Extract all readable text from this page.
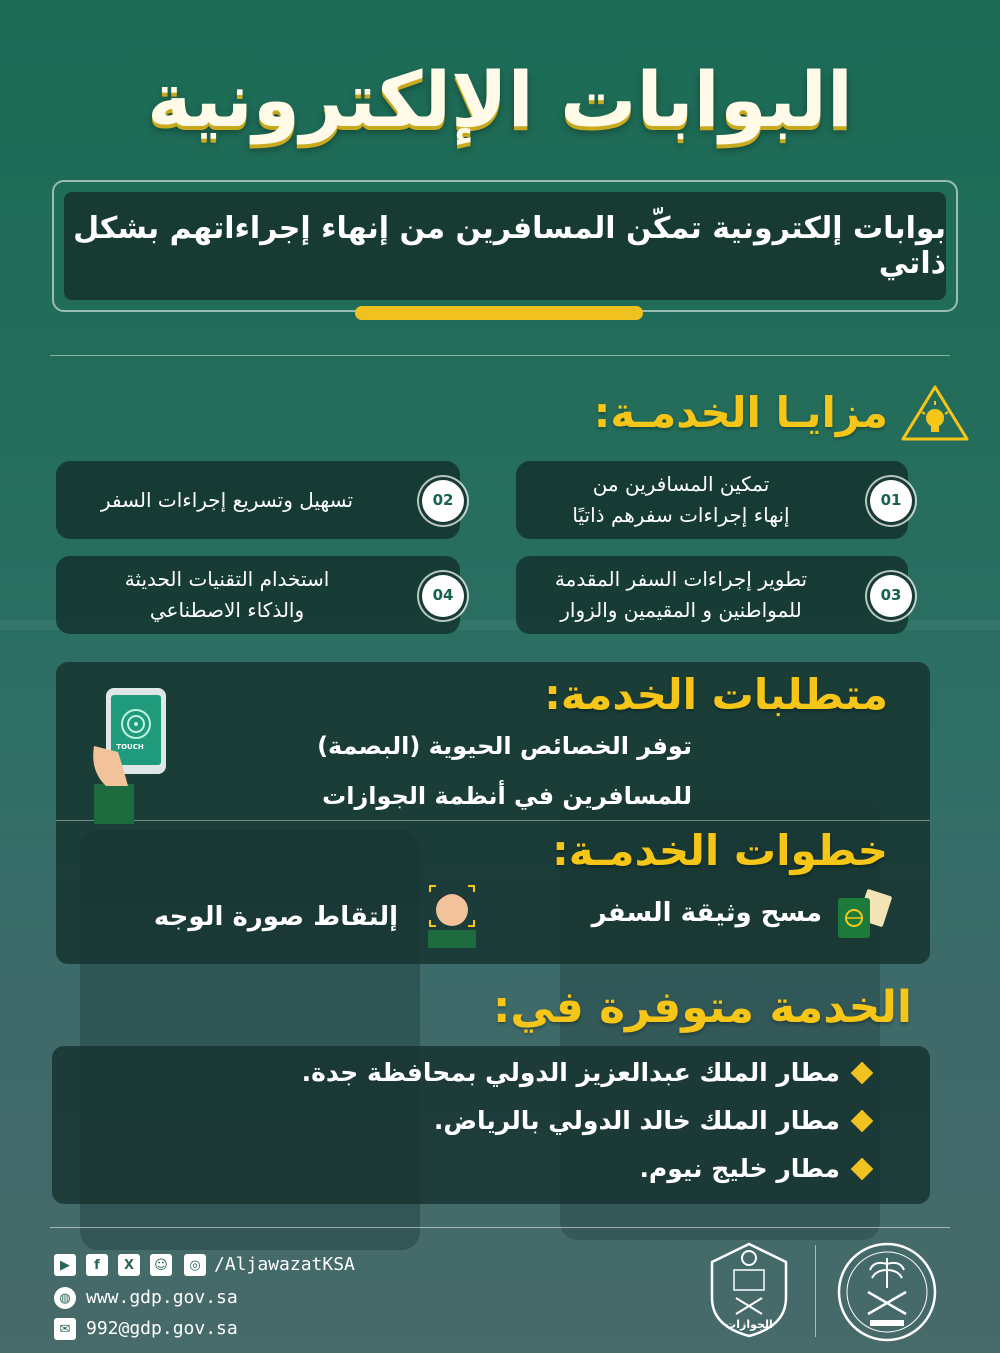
البوابات الإلكترونية
بوابات إلكترونية تمكّن المسافرين من إنهاء إجراءاتهم بشكل ذاتي
مزايـا الخدمـة:
01
تمكين المسافرين من
إنهاء إجراءات سفرهم ذاتيًا
02
تسهيل وتسريع إجراءات السفر
03
تطوير إجراءات السفر المقدمة
للمواطنين و المقيمين والزوار
04
استخدام التقنيات الحديثة
والذكاء الاصطناعي
متطلبات الخدمة:
توفر الخصائص الحيوية (البصمة)
للمسافرين في أنظمة الجوازات
TOUCH
خطوات الخدمـة:
مسح وثيقة السفر
إلتقاط صورة الوجه
الخدمة متوفرة في:
مطار الملك عبدالعزيز الدولي بمحافظة جدة.
مطار الملك خالد الدولي بالرياض.
مطار خليج نيوم.
▶	f	X	☺	◎ /AljawazatKSA
◍ www.gdp.gov.sa
✉ 992@gdp.gov.sa	الجوازات
